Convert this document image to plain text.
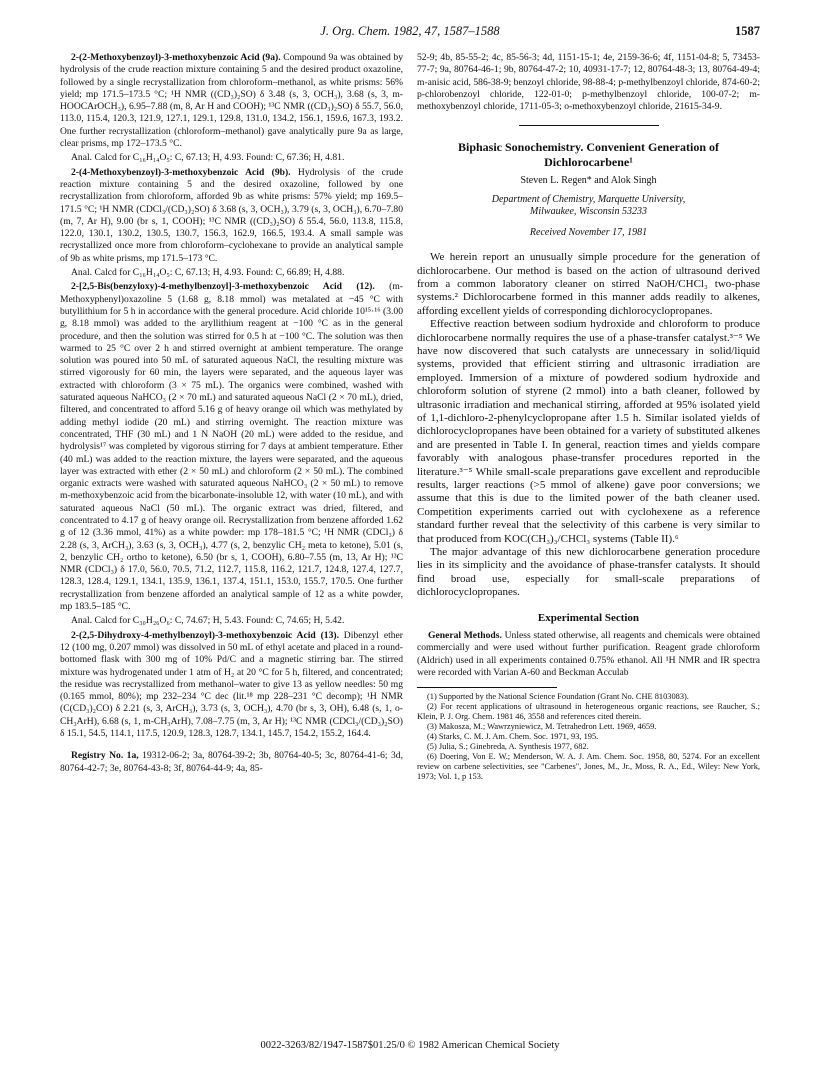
J. Org. Chem. 1982, 47, 1587–1588	1587

2-(2-Methoxybenzoyl)-3-methoxybenzoic Acid (9a). Compound 9a was obtained by hydrolysis of the crude reaction mixture containing 5 and the desired product oxazoline, followed by a single recrystallization from chloroform–methanol, as white prisms: 56% yield; mp 171.5–173.5 °C; ¹H NMR ((CD₃)₂SO) δ 3.48 (s, 3, OCH₃), 3.68 (s, 3, m-HOOCArOCH₃), 6.95–7.88 (m, 8, Ar H and COOH); ¹³C NMR ((CD₃)₂SO) δ 55.7, 56.0, 113.0, 115.4, 120.3, 121.9, 127.1, 129.1, 129.8, 131.0, 134.2, 156.1, 159.6, 167.3, 193.2. One further recrystallization (chloroform–methanol) gave analytically pure 9a as large, clear prisms, mp 172–173.5 °C.

Anal. Calcd for C₁₆H₁₄O₅: C, 67.13; H, 4.93. Found: C, 67.36; H, 4.81.

2-(4-Methoxybenzoyl)-3-methoxybenzoic Acid (9b). Hydrolysis of the crude reaction mixture containing 5 and the desired oxazoline, followed by one recrystallization from chloroform, afforded 9b as white prisms: 57% yield; mp 169.5–171.5 °C; ¹H NMR (CDCl₃/(CD₃)₂SO) δ 3.68 (s, 3, OCH₃), 3.79 (s, 3, OCH₃), 6.70–7.80 (m, 7, Ar H), 9.00 (br s, 1, COOH); ¹³C NMR ((CD₃)₂SO) δ 55.4, 56.0, 113.8, 115.8, 122.0, 130.1, 130.2, 130.5, 130.7, 156.3, 162.9, 166.5, 193.4. A small sample was recrystallized once more from chloroform–cyclohexane to provide an analytical sample of 9b as white prisms, mp 171.5–173 °C.

Anal. Calcd for C₁₆H₁₄O₅: C, 67.13; H, 4.93. Found: C, 66.89; H, 4.88.

2-[2,5-Bis(benzyloxy)-4-methylbenzoyl]-3-methoxybenzoic Acid (12). (m-Methoxyphenyl)oxazoline 5 (1.68 g, 8.18 mmol) was metalated at −45 °C with butyllithium for 5 h in accordance with the general procedure. Acid chloride 10¹⁵·¹⁶ (3.00 g, 8.18 mmol) was added to the aryllithium reagent at −100 °C as in the general procedure, and then the solution was stirred for 0.5 h at −100 °C. The solution was then warmed to 25 °C over 2 h and stirred overnight at ambient temperature. The orange solution was poured into 50 mL of saturated aqueous NaCl, the resulting mixture was stirred vigorously for 60 min, the layers were separated, and the aqueous layer was extracted with chloroform (3 × 75 mL). The organics were combined, washed with saturated aqueous NaHCO₃ (2 × 70 mL) and saturated aqueous NaCl (2 × 70 mL), dried, filtered, and concentrated to afford 5.16 g of heavy orange oil which was methylated by adding methyl iodide (20 mL) and stirring overnight. The reaction mixture was concentrated, THF (30 mL) and 1 N NaOH (20 mL) were added to the residue, and hydrolysis¹⁷ was completed by vigorous stirring for 7 days at ambient temperature. Ether (40 mL) was added to the reaction mixture, the layers were separated, and the aqueous layer was extracted with ether (2 × 50 mL) and chloroform (2 × 50 mL). The combined organic extracts were washed with saturated aqueous NaHCO₃ (2 × 50 mL) to remove m-methoxybenzoic acid from the bicarbonate-insoluble 12, with water (10 mL), and with saturated aqueous NaCl (50 mL). The organic extract was dried, filtered, and concentrated to 4.17 g of heavy orange oil. Recrystallization from benzene afforded 1.62 g of 12 (3.36 mmol, 41%) as a white powder: mp 178–181.5 °C; ¹H NMR (CDCl₃) δ 2.28 (s, 3, ArCH₃), 3.63 (s, 3, OCH₃), 4.77 (s, 2, benzylic CH₂ meta to ketone), 5.01 (s, 2, benzylic CH₂ ortho to ketone), 6.50 (br s, 1, COOH), 6.80–7.55 (m, 13, Ar H); ¹³C NMR (CDCl₃) δ 17.0, 56.0, 70.5, 71.2, 112.7, 115.8, 116.2, 121.7, 124.8, 127.4, 127.7, 128.3, 128.4, 129.1, 134.1, 135.9, 136.1, 137.4, 151.1, 153.0, 155.7, 170.5. One further recrystallization from benzene afforded an analytical sample of 12 as a white powder, mp 183.5–185 °C.

Anal. Calcd for C₃₀H₂₆O₆: C, 74.67; H, 5.43. Found: C, 74.65; H, 5.42.

2-(2,5-Dihydroxy-4-methylbenzoyl)-3-methoxybenzoic Acid (13). Dibenzyl ether 12 (100 mg, 0.207 mmol) was dissolved in 50 mL of ethyl acetate and placed in a round-bottomed flask with 300 mg of 10% Pd/C and a magnetic stirring bar. The stirred mixture was hydrogenated under 1 atm of H₂ at 20 °C for 5 h, filtered, and concentrated; the residue was recrystallized from methanol–water to give 13 as yellow needles: 50 mg (0.165 mmol, 80%); mp 232–234 °C dec (lit.¹⁸ mp 228–231 °C decomp); ¹H NMR (C(CD₃)₂CO) δ 2.21 (s, 3, ArCH₃), 3.73 (s, 3, OCH₃), 4.70 (br s, 3, OH), 6.48 (s, 1, o-CH₃ArH), 6.68 (s, 1, m-CH₃ArH), 7.08–7.75 (m, 3, Ar H); ¹³C NMR (CDCl₃/(CD₃)₂SO) δ 15.1, 54.5, 114.1, 117.5, 120.9, 128.3, 128.7, 134.1, 145.7, 154.2, 155.2, 164.4.

Registry No. 1a, 19312-06-2; 3a, 80764-39-2; 3b, 80764-40-5; 3c, 80764-41-6; 3d, 80764-42-7; 3e, 80764-43-8; 3f, 80764-44-9; 4a, 85-

52-9; 4b, 85-55-2; 4c, 85-56-3; 4d, 1151-15-1; 4e, 2159-36-6; 4f, 1151-04-8; 5, 73453-77-7; 9a, 80764-46-1; 9b, 80764-47-2; 10, 40931-17-7; 12, 80764-48-3; 13, 80764-49-4; m-anisic acid, 586-38-9; benzoyl chloride, 98-88-4; p-methylbenzoyl chloride, 874-60-2; p-chlorobenzoyl chloride, 122-01-0; p-methylbenzoyl chloride, 100-07-2; m-methoxybenzoyl chloride, 1711-05-3; o-methoxybenzoyl chloride, 21615-34-9.

Biphasic Sonochemistry. Convenient Generation of Dichlorocarbene¹
Steven L. Regen* and Alok Singh
Department of Chemistry, Marquette University,
Milwaukee, Wisconsin 53233
Received November 17, 1981

We herein report an unusually simple procedure for the generation of dichlorocarbene. Our method is based on the action of ultrasound derived from a common laboratory cleaner on stirred NaOH/CHCl₃ two-phase systems.² Dichlorocarbene formed in this manner adds readily to alkenes, affording excellent yields of corresponding dichlorocyclopropanes.

Effective reaction between sodium hydroxide and chloroform to produce dichlorocarbene normally requires the use of a phase-transfer catalyst.³⁻⁵ We have now discovered that such catalysts are unnecessary in solid/liquid systems, provided that efficient stirring and ultrasonic irradiation are employed. Immersion of a mixture of powdered sodium hydroxide and chloroform solution of styrene (2 mmol) into a bath cleaner, followed by ultrasonic irradiation and mechanical stirring, afforded at 95% isolated yield of 1,1-dichloro-2-phenylcyclopropane after 1.5 h. Similar isolated yields of dichlorocyclopropanes have been obtained for a variety of substituted alkenes and are presented in Table I. In general, reaction times and yields compare favorably with analogous phase-transfer procedures reported in the literature.³⁻⁵ While small-scale preparations gave excellent and reproducible results, larger reactions (>5 mmol of alkene) gave poor conversions; we assume that this is due to the limited power of the bath cleaner used. Competition experiments carried out with cyclohexene as a reference standard further reveal that the selectivity of this carbene is very similar to that produced from KOC(CH₃)₃/CHCl₃ systems (Table II).⁶

The major advantage of this new dichlorocarbene generation procedure lies in its simplicity and the avoidance of phase-transfer catalysts. It should find broad use, especially for small-scale preparations of dichlorocyclopropanes.

Experimental Section

General Methods. Unless stated otherwise, all reagents and chemicals were obtained commercially and were used without further purification. Reagent grade chloroform (Aldrich) used in all experiments contained 0.75% ethanol. All ¹H NMR and IR spectra were recorded with Varian A-60 and Beckman Acculab

(1) Supported by the National Science Foundation (Grant No. CHE 8103083).

(2) For recent applications of ultrasound in heterogeneous organic reactions, see Raucher, S.; Klein, P. J. Org. Chem. 1981 46, 3558 and references cited therein.

(3) Makosza, M.; Wawrzyniewicz, M. Tetrahedron Lett. 1969, 4659.

(4) Starks, C. M. J. Am. Chem. Soc. 1971, 93, 195.

(5) Julia, S.; Ginebreda, A. Synthesis 1977, 682.

(6) Doering, Von E. W.; Menderson, W. A. J. Am. Chem. Soc. 1958, 80, 5274. For an excellent review on carbene selectivities, see "Carbenes", Jones, M., Jr., Moss, R. A., Ed., Wiley: New York, 1973; Vol. 1, p 153.

0022-3263/82/1947-1587$01.25/0 © 1982 American Chemical Society
